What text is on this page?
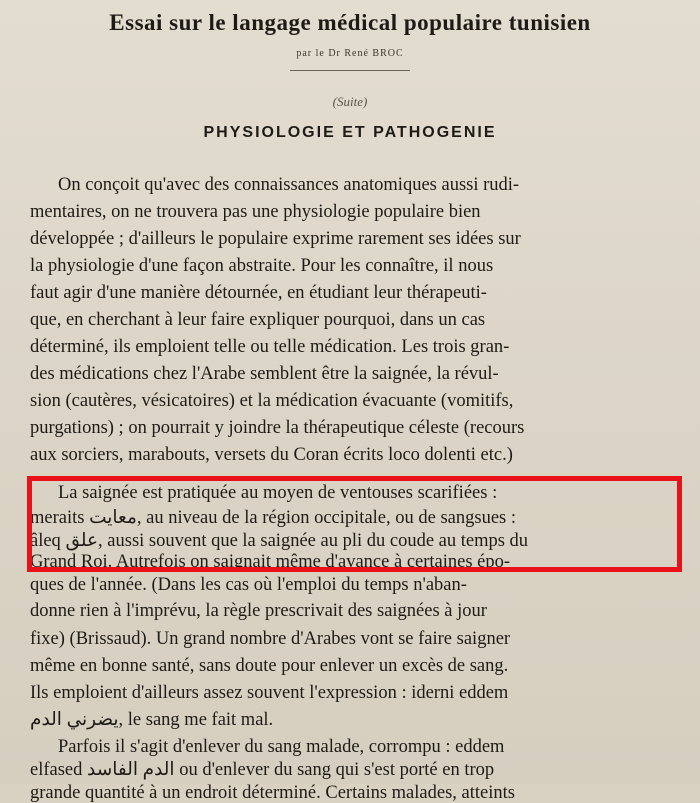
Essai sur le langage médical populaire tunisien
par le Dr René BROC
(Suite)
PHYSIOLOGIE ET PATHOGENIE
On conçoit qu'avec des connaissances anatomiques aussi rudi-
mentaires, on ne trouvera pas une physiologie populaire bien
développée ; d'ailleurs le populaire exprime rarement ses idées sur
la physiologie d'une façon abstraite. Pour les connaître, il nous
faut agir d'une manière détournée, en étudiant leur thérapeuti-
que, en cherchant à leur faire expliquer pourquoi, dans un cas
déterminé, ils emploient telle ou telle médication. Les trois gran-
des médications chez l'Arabe semblent être la saignée, la révul-
sion (cautères, vésicatoires) et la médication évacuante (vomitifs,
purgations) ; on pourrait y joindre la thérapeutique céleste (recours
aux sorciers, marabouts, versets du Coran écrits loco dolenti etc.)
La saignée est pratiquée au moyen de ventouses scarifiées :
meraits معايت, au niveau de la région occipitale, ou de sangsues :
âleq علق, aussi souvent que la saignée au pli du coude au temps du
Grand Roi. Autrefois on saignait même d'avance à certaines épo-
ques de l'année. (Dans les cas où l'emploi du temps n'aban-
donne rien à l'imprévu, la règle prescrivait des saignées à jour
fixe) (Brissaud). Un grand nombre d'Arabes vont se faire saigner
même en bonne santé, sans doute pour enlever un excès de sang.
Ils emploient d'ailleurs assez souvent l'expression : iderni eddem
يضرني الدم, le sang me fait mal.
Parfois il s'agit d'enlever du sang malade, corrompu : eddem
elfased الدم الفاسد ou d'enlever du sang qui s'est porté en trop
grande quantité à un endroit déterminé. Certains malades, atteints
